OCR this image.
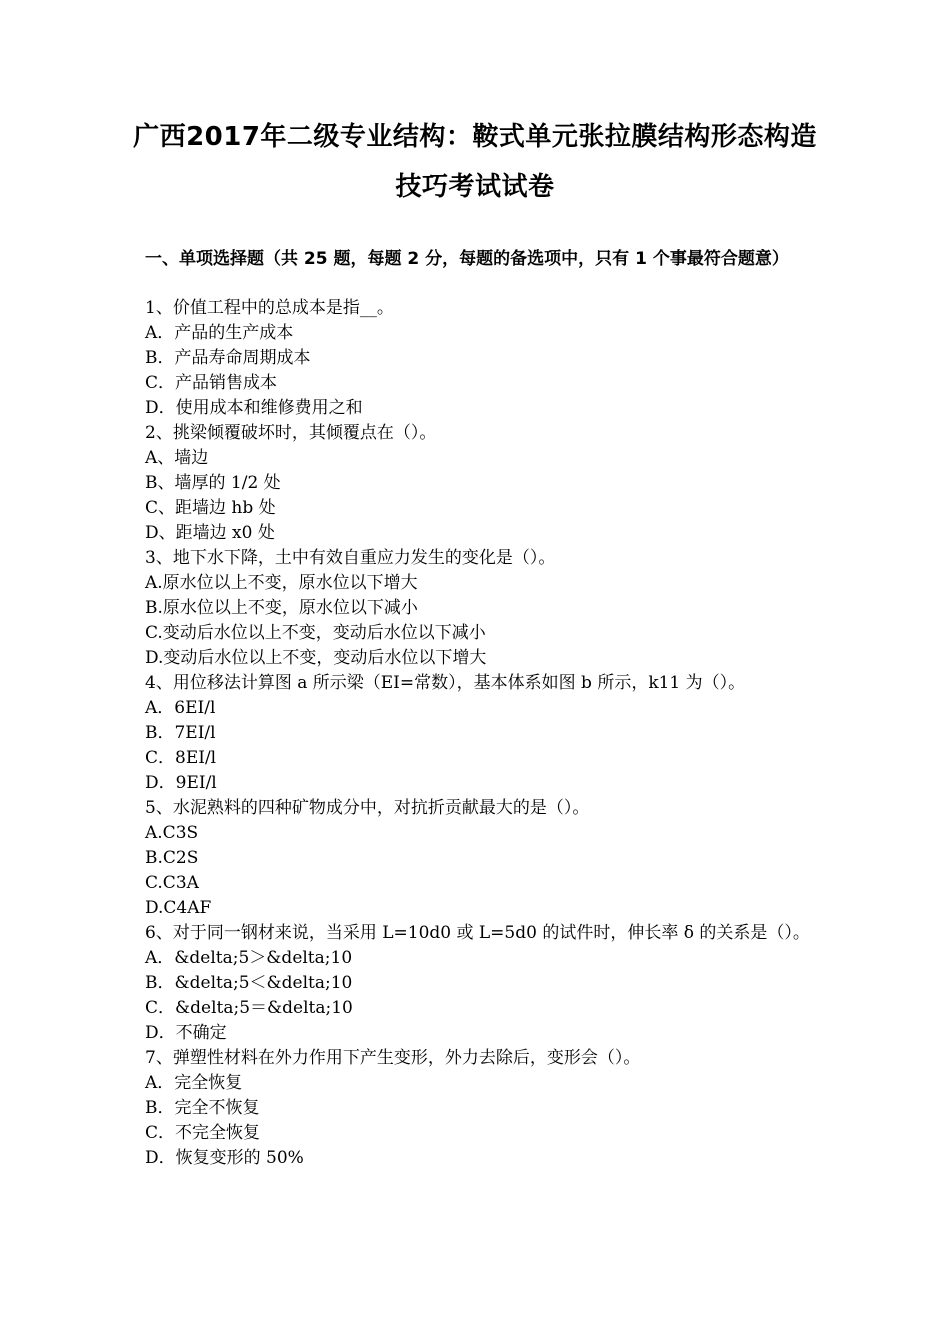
广西2017年二级专业结构：鞍式单元张拉膜结构形态构造
技巧考试试卷
一、单项选择题（共 25 题，每题 2 分，每题的备选项中，只有 1 个事最符合题意）
1、价值工程中的总成本是指__。
A．产品的生产成本
B．产品寿命周期成本
C．产品销售成本
D．使用成本和维修费用之和
2、挑梁倾覆破坏时，其倾覆点在（）。
A、墙边
B、墙厚的 1/2 处
C、距墙边 hb 处
D、距墙边 x0 处
3、地下水下降，土中有效自重应力发生的变化是（）。
A.原水位以上不变，原水位以下增大
B.原水位以上不变，原水位以下减小
C.变动后水位以上不变，变动后水位以下减小
D.变动后水位以上不变，变动后水位以下增大
4、用位移法计算图 a 所示梁（EI=常数），基本体系如图 b 所示，k11 为（）。
A．6EI/l
B．7EI/l
C．8EI/l
D．9EI/l
5、水泥熟料的四种矿物成分中，对抗折贡献最大的是（）。
A.C3S
B.C2S
C.C3A
D.C4AF
6、对于同一钢材来说，当采用 L=10d0 或 L=5d0 的试件时，伸长率 δ 的关系是（）。
A．&delta;5＞&delta;10
B．&delta;5＜&delta;10
C．&delta;5＝&delta;10
D．不确定
7、弹塑性材料在外力作用下产生变形，外力去除后，变形会（）。
A．完全恢复
B．完全不恢复
C．不完全恢复
D．恢复变形的 50%
